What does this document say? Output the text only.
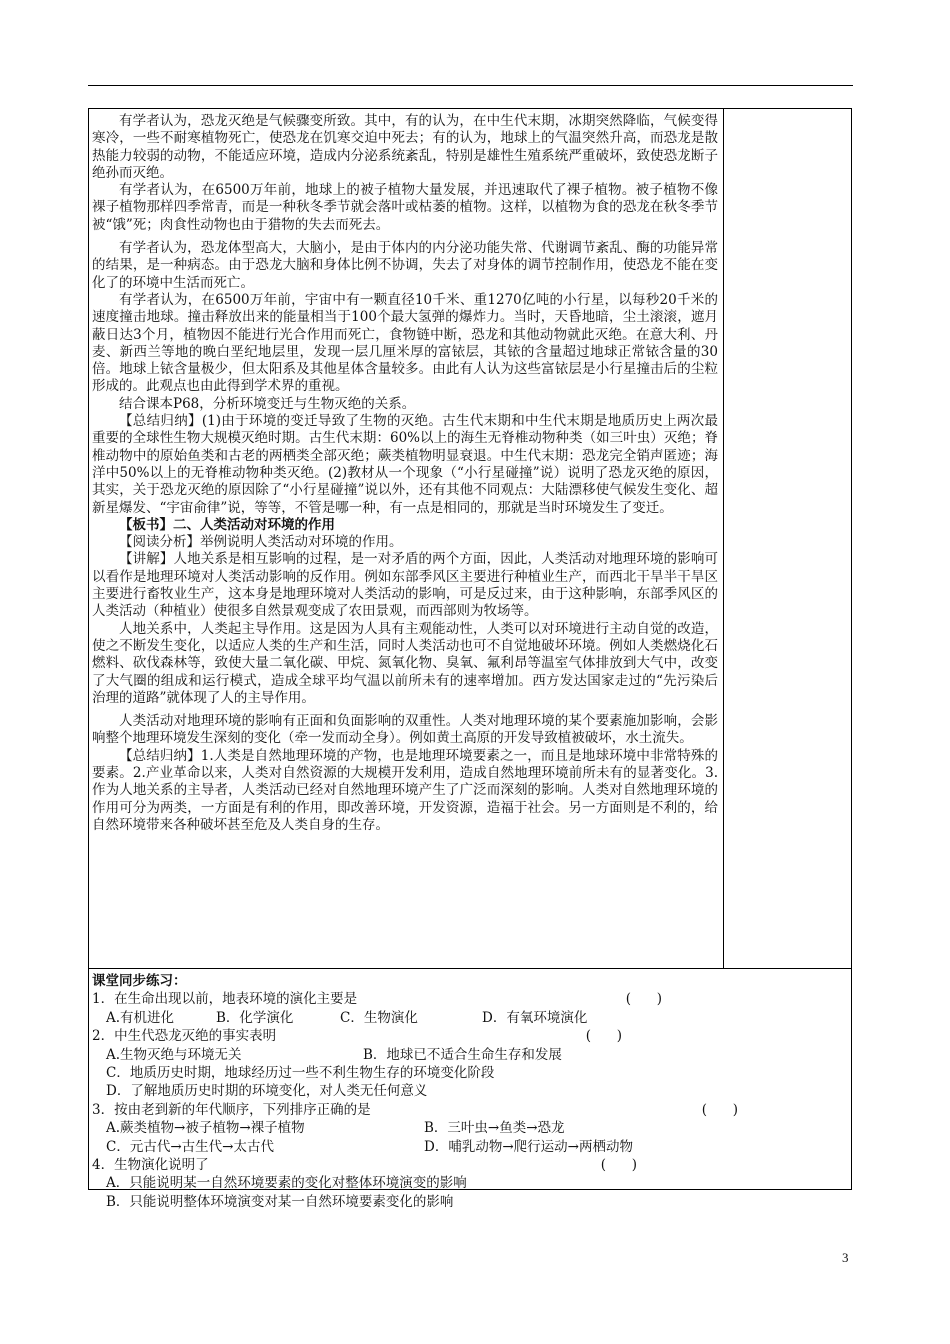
有学者认为，恐龙灭绝是气候骤变所致。其中，有的认为，在中生代末期，冰期突然降临，气候变得寒冷，一些不耐寒植物死亡，使恐龙在饥寒交迫中死去；有的认为，地球上的气温突然升高，而恐龙是散热能力较弱的动物，不能适应环境，造成内分泌系统紊乱，特别是雄性生殖系统严重破坏，致使恐龙断子绝孙而灭绝。

有学者认为，在6500万年前，地球上的被子植物大量发展，并迅速取代了裸子植物。被子植物不像裸子植物那样四季常青，而是一种秋冬季节就会落叶或枯萎的植物。这样，以植物为食的恐龙在秋冬季节被“饿”死；肉食性动物也由于猎物的失去而死去。

有学者认为，恐龙体型高大，大脑小，是由于体内的内分泌功能失常、代谢调节紊乱、酶的功能异常的结果，是一种病态。由于恐龙大脑和身体比例不协调，失去了对身体的调节控制作用，使恐龙不能在变化了的环境中生活而死亡。

有学者认为，在6500万年前，宇宙中有一颗直径10千米、重1270亿吨的小行星，以每秒20千米的速度撞击地球。撞击释放出来的能量相当于100个最大氢弹的爆炸力。当时，天昏地暗，尘土滚滚，遮月蔽日达3个月，植物因不能进行光合作用而死亡，食物链中断，恐龙和其他动物就此灭绝。在意大利、丹麦、新西兰等地的晚白垩纪地层里，发现一层几厘米厚的富铱层，其铱的含量超过地球正常铱含量的30倍。地球上铱含量极少，但太阳系及其他星体含量较多。由此有人认为这些富铱层是小行星撞击后的尘粒形成的。此观点也由此得到学术界的重视。

结合课本P68，分析环境变迁与生物灭绝的关系。

【总结归纳】(1)由于环境的变迁导致了生物的灭绝。古生代末期和中生代末期是地质历史上两次最重要的全球性生物大规模灭绝时期。古生代末期：60%以上的海生无脊椎动物种类（如三叶虫）灭绝；脊椎动物中的原始鱼类和古老的两栖类全部灭绝；蕨类植物明显衰退。中生代末期：恐龙完全销声匿迹；海洋中50%以上的无脊椎动物种类灭绝。(2)教材从一个现象（“小行星碰撞”说）说明了恐龙灭绝的原因，其实，关于恐龙灭绝的原因除了“小行星碰撞”说以外，还有其他不同观点：大陆漂移使气候发生变化、超新星爆发、“宇宙俞律”说，等等，不管是哪一种，有一点是相同的，那就是当时环境发生了变迁。

【板书】二、人类活动对环境的作用

【阅读分析】举例说明人类活动对环境的作用。

【讲解】人地关系是相互影响的过程，是一对矛盾的两个方面，因此，人类活动对地理环境的影响可以看作是地理环境对人类活动影响的反作用。例如东部季风区主要进行种植业生产，而西北干旱半干旱区主要进行畜牧业生产，这本身是地理环境对人类活动的影响，可是反过来，由于这种影响，东部季风区的人类活动（种植业）使很多自然景观变成了农田景观，而西部则为牧场等。

人地关系中，人类起主导作用。这是因为人具有主观能动性，人类可以对环境进行主动自觉的改造，使之不断发生变化，以适应人类的生产和生活，同时人类活动也可不自觉地破坏环境。例如人类燃烧化石燃料、砍伐森林等，致使大量二氧化碳、甲烷、氮氧化物、臭氧、氟利昂等温室气体排放到大气中，改变了大气圈的组成和运行模式，造成全球平均气温以前所未有的速率增加。西方发达国家走过的“先污染后治理的道路”就体现了人的主导作用。

人类活动对地理环境的影响有正面和负面影响的双重性。人类对地理环境的某个要素施加影响，会影响整个地理环境发生深刻的变化（牵一发而动全身）。例如黄土高原的开发导致植被破坏，水土流失。

【总结归纳】1.人类是自然地理环境的产物，也是地理环境要素之一，而且是地球环境中非常特殊的要素。2.产业革命以来，人类对自然资源的大规模开发利用，造成自然地理环境前所未有的显著变化。3.作为人地关系的主导者，人类活动已经对自然地理环境产生了广泛而深刻的影响。人类对自然地理环境的作用可分为两类，一方面是有利的作用，即改善环境，开发资源，造福于社会。另一方面则是不利的，给自然环境带来各种破坏甚至危及人类自身的生存。

课堂同步练习：
1．在生命出现以前，地表环境的演化主要是	(      )
A.有机进化	B．化学演化	C．生物演化	D．有氧环境演化
2．中生代恐龙灭绝的事实表明	(      )
A.生物灭绝与环境无关	B．地球已不适合生命生存和发展
C．地质历史时期，地球经历过一些不利生物生存的环境变化阶段
D．了解地质历史时期的环境变化，对人类无任何意义
3．按由老到新的年代顺序，下列排序正确的是	(      )
A.蕨类植物→被子植物→裸子植物	B．三叶虫→鱼类→恐龙
C．元古代→古生代→太古代	D．哺乳动物→爬行运动→两栖动物
4．生物演化说明了	(      )
A．只能说明某一自然环境要素的变化对整体环境演变的影响
B．只能说明整体环境演变对某一自然环境要素变化的影响
3
